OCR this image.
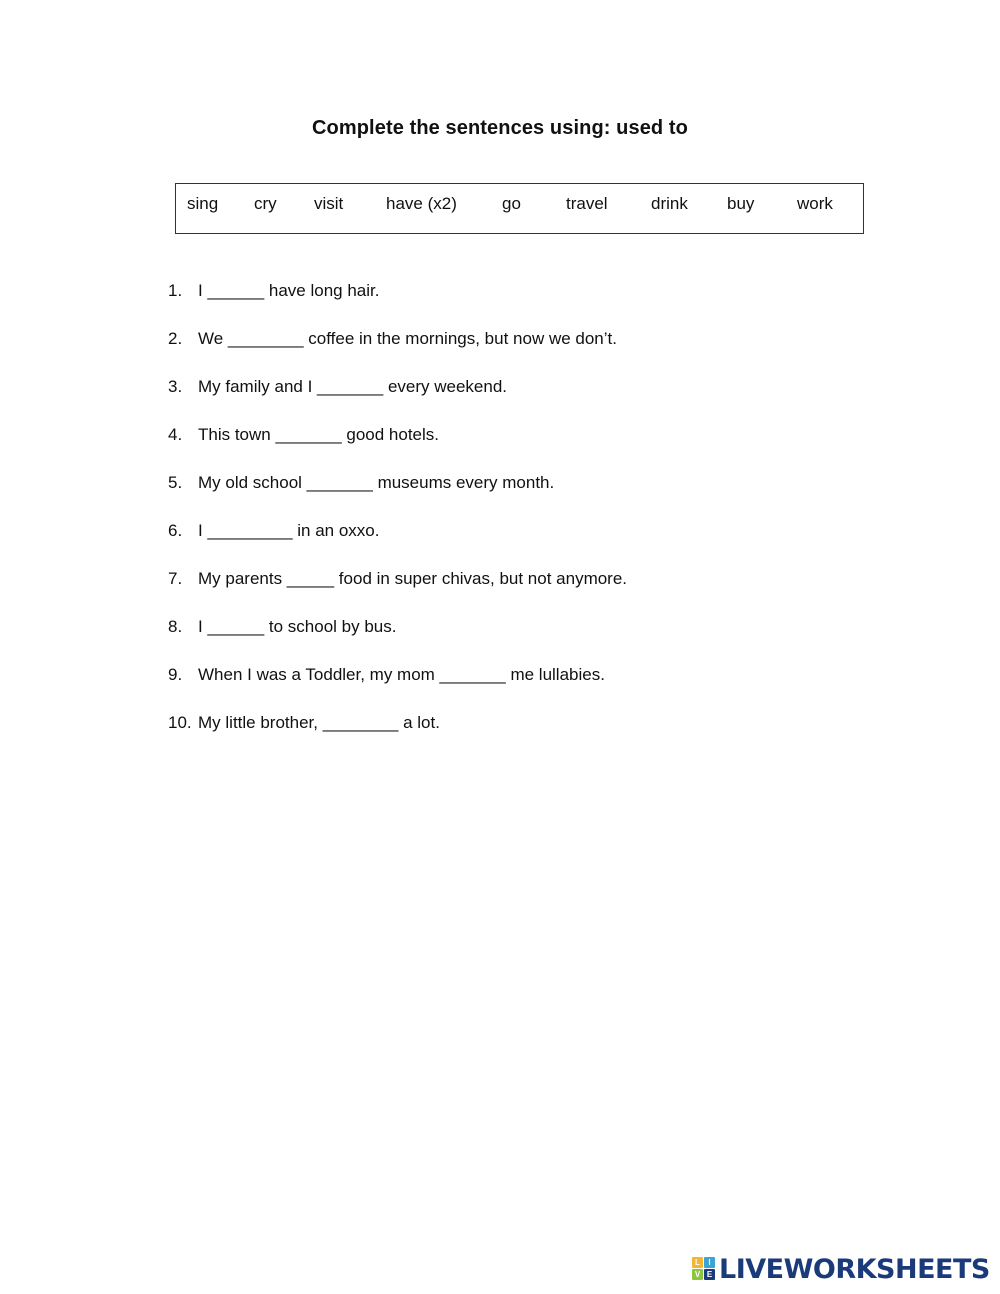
Complete the sentences using: used to
sing cry visit	have (x2)	go	travel	drink buy	work
1. I ______ have long hair.
2. We ________ coffee in the mornings, but now we don’t.
3. My family and I _______ every weekend.
4. This town _______ good hotels.
5. My old school _______ museums every month.
6. I _________ in an oxxo.
7. My parents _____ food in super chivas, but not anymore.
8. I ______ to school by bus.
9. When I was a Toddler, my mom _______ me lullabies.
10. My little brother, ________ a lot.
L	I
V E LIVEWORKSHEETS
